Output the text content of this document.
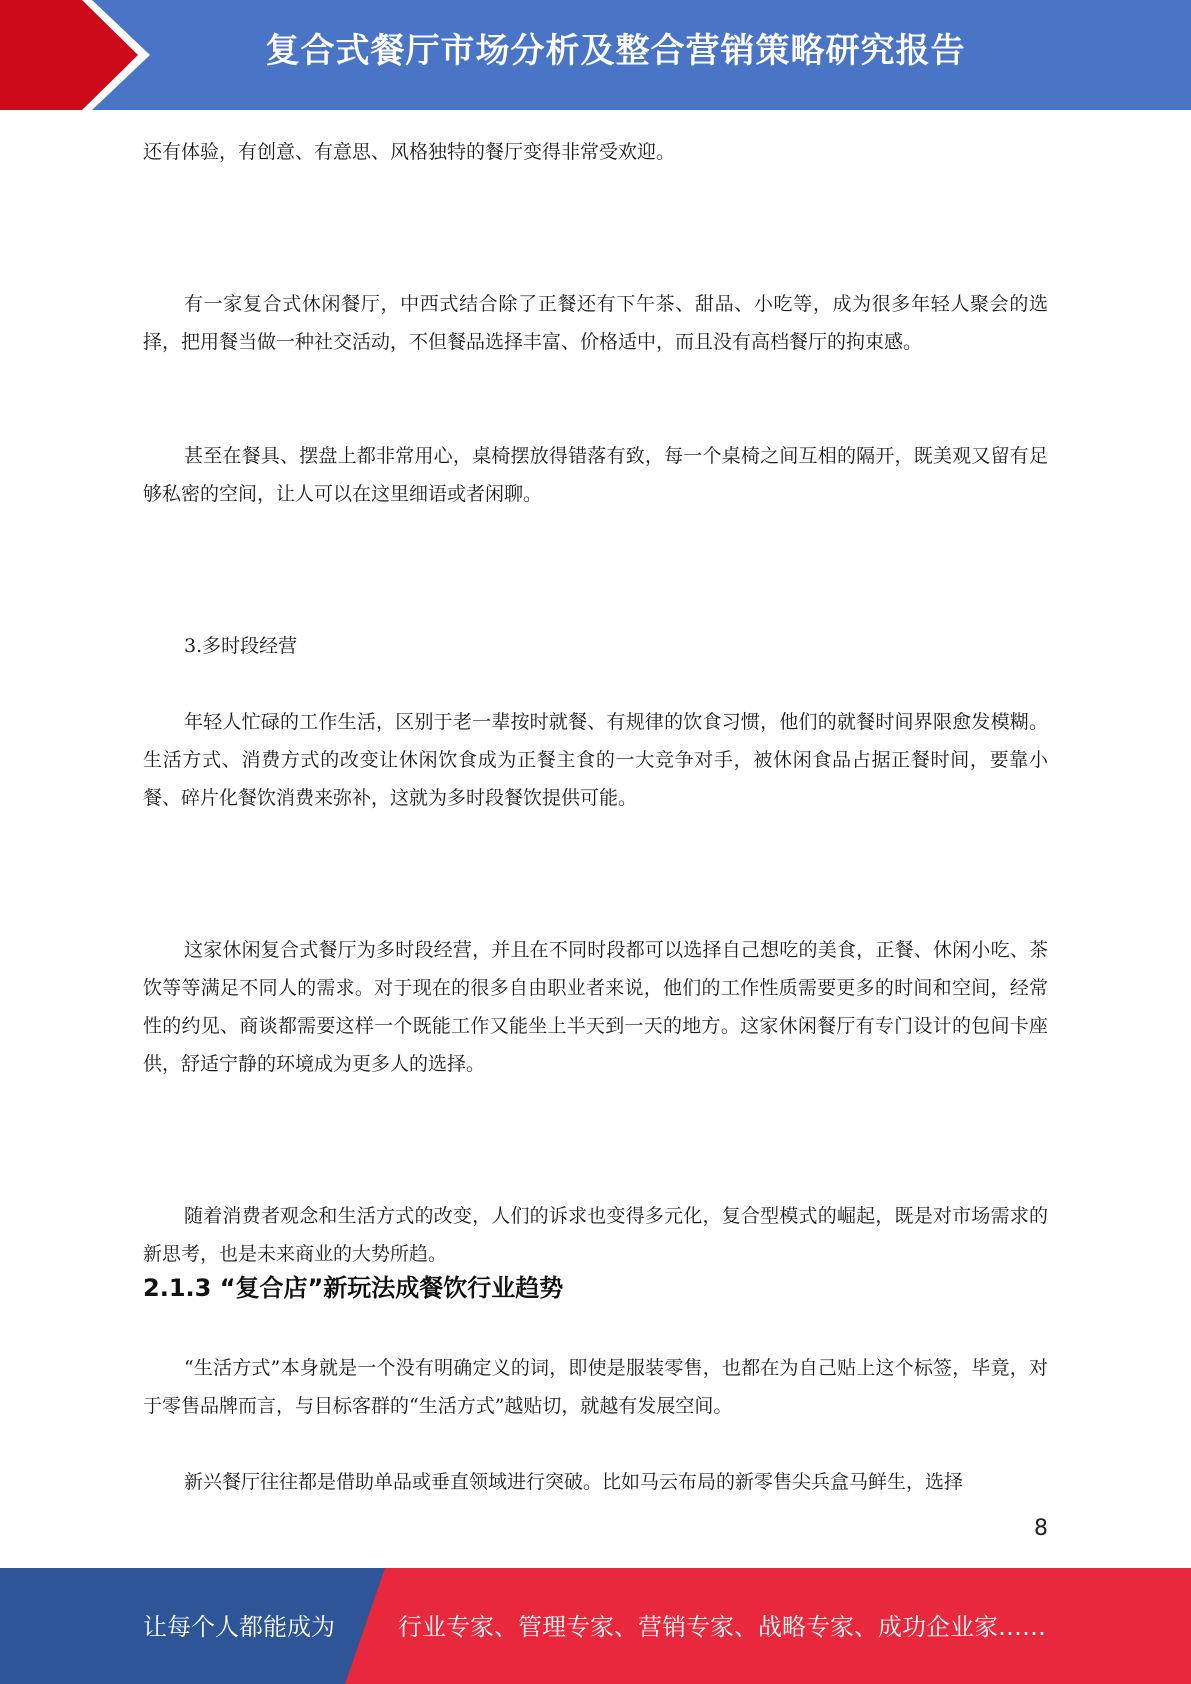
复合式餐厅市场分析及整合营销策略研究报告

还有体验，有创意、有意思、风格独特的餐厅变得非常受欢迎。

有一家复合式休闲餐厅，中西式结合除了正餐还有下午茶、甜品、小吃等，成为很多年轻人聚会的选择，把用餐当做一种社交活动，不但餐品选择丰富、价格适中，而且没有高档餐厅的拘束感。

甚至在餐具、摆盘上都非常用心，桌椅摆放得错落有致，每一个桌椅之间互相的隔开，既美观又留有足够私密的空间，让人可以在这里细语或者闲聊。

3.多时段经营

年轻人忙碌的工作生活，区别于老一辈按时就餐、有规律的饮食习惯，他们的就餐时间界限愈发模糊。生活方式、消费方式的改变让休闲饮食成为正餐主食的一大竞争对手，被休闲食品占据正餐时间，要靠小餐、碎片化餐饮消费来弥补，这就为多时段餐饮提供可能。

这家休闲复合式餐厅为多时段经营，并且在不同时段都可以选择自己想吃的美食，正餐、休闲小吃、茶饮等等满足不同人的需求。对于现在的很多自由职业者来说，他们的工作性质需要更多的时间和空间，经常性的约见、商谈都需要这样一个既能工作又能坐上半天到一天的地方。这家休闲餐厅有专门设计的包间卡座供，舒适宁静的环境成为更多人的选择。

随着消费者观念和生活方式的改变，人们的诉求也变得多元化，复合型模式的崛起，既是对市场需求的新思考，也是未来商业的大势所趋。

2.1.3 “复合店”新玩法成餐饮行业趋势

“生活方式”本身就是一个没有明确定义的词，即使是服装零售，也都在为自己贴上这个标签，毕竟，对于零售品牌而言，与目标客群的“生活方式”越贴切，就越有发展空间。

新兴餐厅往往都是借助单品或垂直领域进行突破。比如马云布局的新零售尖兵盒马鲜生，选择

8
让每个人都能成为	行业专家、管理专家、营销专家、战略专家、成功企业家……
